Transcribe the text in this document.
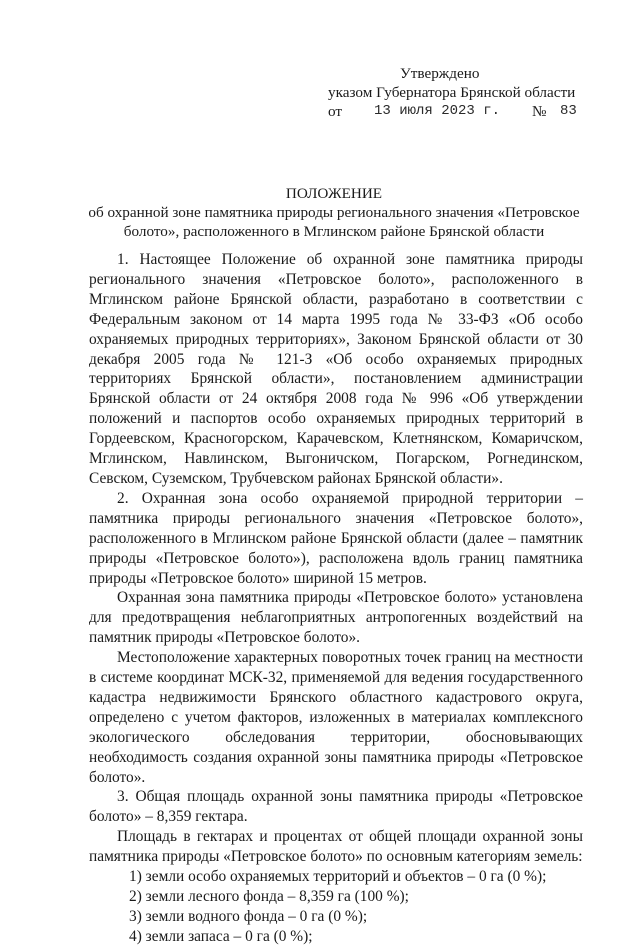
Утверждено
указом Губернатора Брянской области
от 13 июля 2023 г. № 83
ПОЛОЖЕНИЕ
об охранной зоне памятника природы регионального значения «Петровское болото», расположенного в Мглинском районе Брянской области

1. Настоящее Положение об охранной зоне памятника природы регионального значения «Петровское болото», расположенного в Мглинском районе Брянской области, разработано в соответствии с Федеральным законом от 14 марта 1995 года № 33-ФЗ «Об особо охраняемых природных территориях», Законом Брянской области от 30 декабря 2005 года № 121-З «Об особо охраняемых природных территориях Брянской области», постановлением администрации Брянской области от 24 октября 2008 года № 996 «Об утверждении положений и паспортов особо охраняемых природных территорий в Гордеевском, Красногорском, Карачевском, Клетнянском, Комаричском, Мглинском, Навлинском, Выгоничском, Погарском, Рогнединском, Севском, Суземском, Трубчевском районах Брянской области».

2. Охранная зона особо охраняемой природной территории – памятника природы регионального значения «Петровское болото», расположенного в Мглинском районе Брянской области (далее – памятник природы «Петровское болото»), расположена вдоль границ памятника природы «Петровское болото» шириной 15 метров.

Охранная зона памятника природы «Петровское болото» установлена для предотвращения неблагоприятных антропогенных воздействий на памятник природы «Петровское болото».

Местоположение характерных поворотных точек границ на местности в системе координат МСК-32, применяемой для ведения государственного кадастра недвижимости Брянского областного кадастрового округа, определено с учетом факторов, изложенных в материалах комплексного экологического обследования территории, обосновывающих необходимость создания охранной зоны памятника природы «Петровское болото».

3. Общая площадь охранной зоны памятника природы «Петровское болото» – 8,359 гектара.

Площадь в гектарах и процентах от общей площади охранной зоны памятника природы «Петровское болото» по основным категориям земель:

1) земли особо охраняемых территорий и объектов – 0 га (0 %);

2) земли лесного фонда – 8,359 га (100 %);

3) земли водного фонда – 0 га (0 %);

4) земли запаса – 0 га (0 %);
